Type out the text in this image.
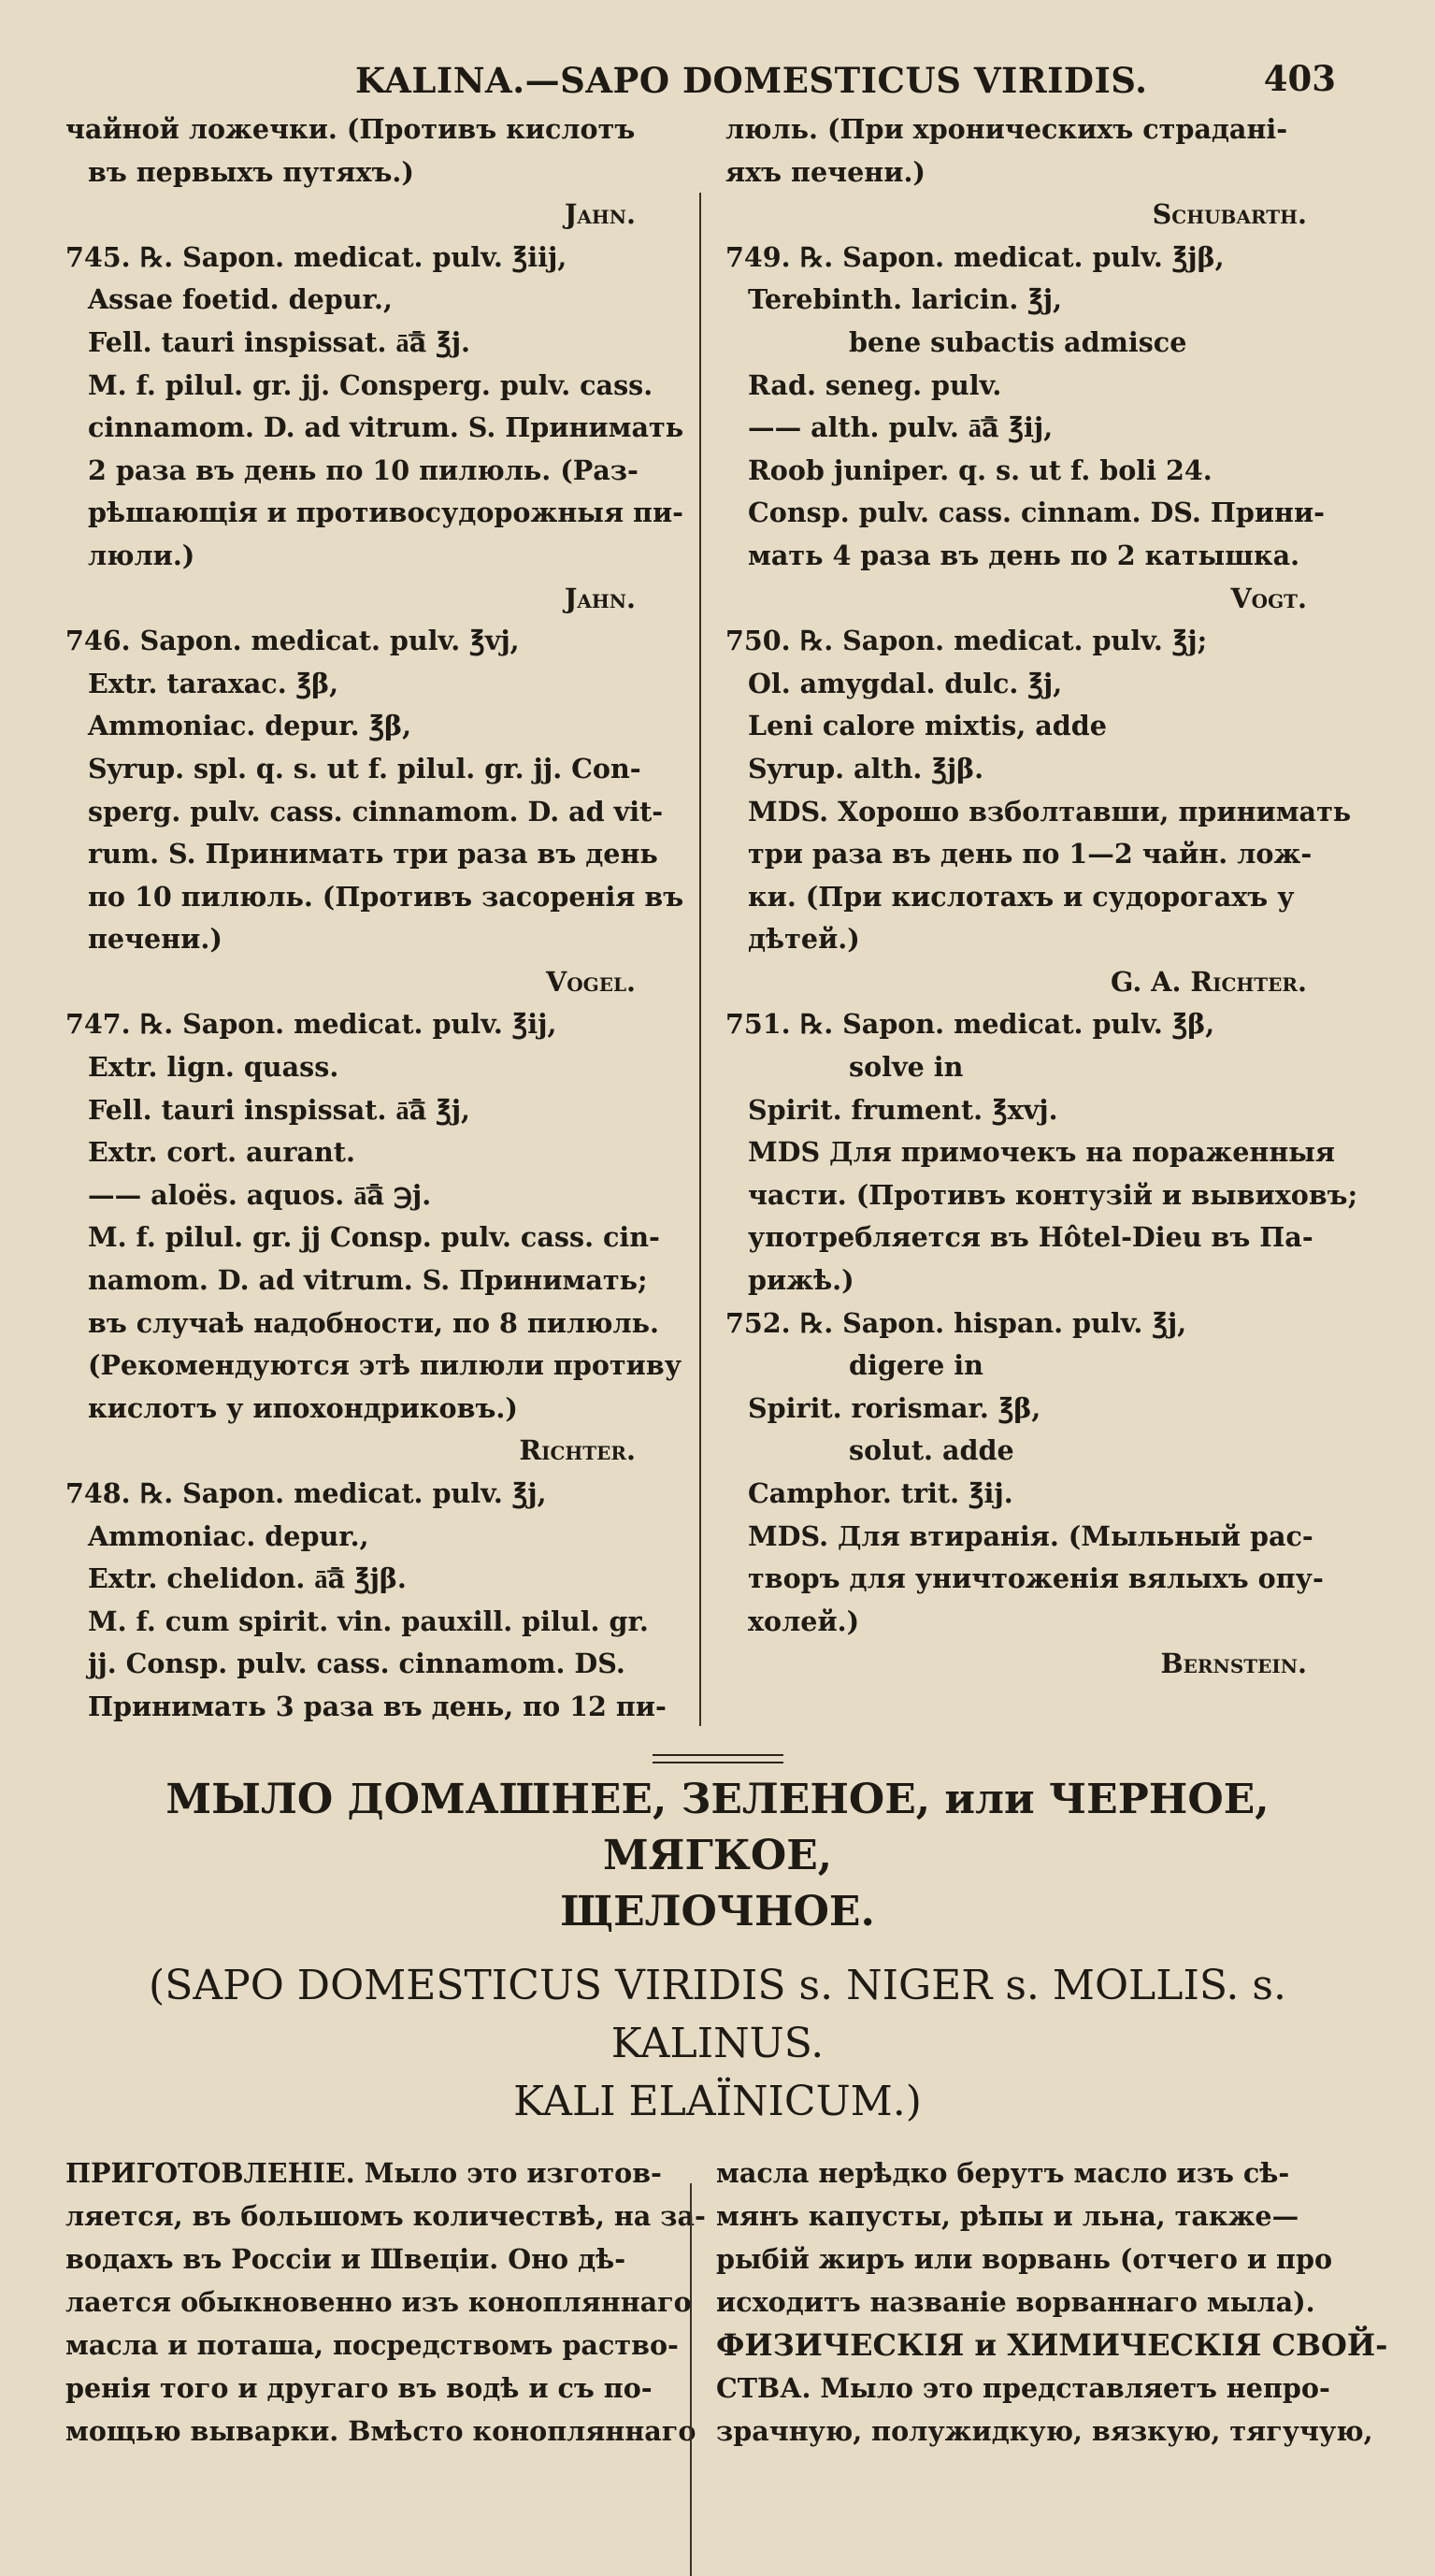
KALINA.—SAPO DOMESTICUS VIRIDIS.	403
чайной ложечки. (Противъ кислотъ
въ первыхъ путяхъ.)
Jahn.
745. ℞. Sapon. medicat. pulv. ℥iij,
Assae foetid. depur.,
Fell. tauri inspissat. ā͞ā ℥j.
M. f. pilul. gr. jj. Consperg. pulv. cass.
cinnamom. D. ad vitrum. S. Принимать
2 раза въ день по 10 пилюль. (Раз-
рѣшающія и противосудорожныя пи-
люли.)
Jahn.
746. Sapon. medicat. pulv. ℥vj,
Extr. taraxac. ℥β,
Ammoniac. depur. ℥β,
Syrup. spl. q. s. ut f. pilul. gr. jj. Con-
sperg. pulv. cass. cinnamom. D. ad vit-
rum. S. Принимать три раза въ день
по 10 пилюль. (Противъ засоренія въ
печени.)
Vogel.
747. ℞. Sapon. medicat. pulv. ℥ij,
Extr. lign. quass.
Fell. tauri inspissat. ā͞ā ℥j,
Extr. cort. aurant.
—— aloës. aquos. ā͞ā ℈j.
M. f. pilul. gr. jj Consp. pulv. cass. cin-
namom. D. ad vitrum. S. Принимать;
въ случаѣ надобности, по 8 пилюль.
(Рекомендуются этѣ пилюли противу
кислотъ у ипохондриковъ.)
Richter.
748. ℞. Sapon. medicat. pulv. ℥j,
Ammoniac. depur.,
Extr. chelidon. ā͞ā ℥jβ.
M. f. cum spirit. vin. pauxill. pilul. gr.
jj. Consp. pulv. cass. cinnamom. DS.
Принимать 3 раза въ день, по 12 пи-
люль. (При хроническихъ страдані-
яхъ печени.)
Schubarth.
749. ℞. Sapon. medicat. pulv. ℥jβ,
Terebinth. laricin. ℥j,
bene subactis admisce
Rad. seneg. pulv.
—— alth. pulv. ā͞ā ℥ij,
Roob juniper. q. s. ut f. boli 24.
Consp. pulv. cass. cinnam. DS. Прини-
мать 4 раза въ день по 2 катышка.
Vogt.
750. ℞. Sapon. medicat. pulv. ℥j;
Ol. amygdal. dulc. ℥j,
Leni calore mixtis, adde
Syrup. alth. ℥jβ.
MDS. Хорошо взболтавши, принимать
три раза въ день по 1—2 чайн. лож-
ки. (При кислотахъ и судорогахъ у
дѣтей.)
G. A. Richter.
751. ℞. Sapon. medicat. pulv. ℥β,
solve in
Spirit. frument. ℥xvj.
MDS Для примочекъ на пораженныя
части. (Противъ контузій и вывиховъ;
употребляется въ Hôtel-Dieu въ Па-
рижѣ.)
752. ℞. Sapon. hispan. pulv. ℥j,
digere in
Spirit. rorismar. ℥β,
solut. adde
Camphor. trit. ℥ij.
MDS. Для втиранія. (Мыльный рас-
творъ для уничтоженія вялыхъ опу-
холей.)
Bernstein.
МЫЛО ДОМАШНЕЕ, ЗЕЛЕНОЕ, или ЧЕРНОЕ, МЯГКОЕ,
ЩЕЛОЧНОЕ.
(SAPO DOMESTICUS VIRIDIS s. NIGER s. MOLLIS. s. KALINUS.
KALI ELAÏNICUM.)
ПРИГОТОВЛЕНІЕ. Мыло это изготов-
ляется, въ большомъ количествѣ, на за-
водахъ въ Россіи и Швеціи. Оно дѣ-
лается обыкновенно изъ конопляннаго
масла и поташа, посредствомъ раство-
ренія того и другаго въ водѣ и съ по-
мощью выварки. Вмѣсто конопляннаго
масла нерѣдко берутъ масло изъ сѣ-
мянъ капусты, рѣпы и льна, также—
рыбій жиръ или ворвань (отчего и про
исходитъ названіе ворваннаго мыла).
ФИЗИЧЕСКІЯ и ХИМИЧЕСКІЯ СВОЙ-
СТВА. Мыло это представляетъ непро-
зрачную, полужидкую, вязкую, тягучую,
